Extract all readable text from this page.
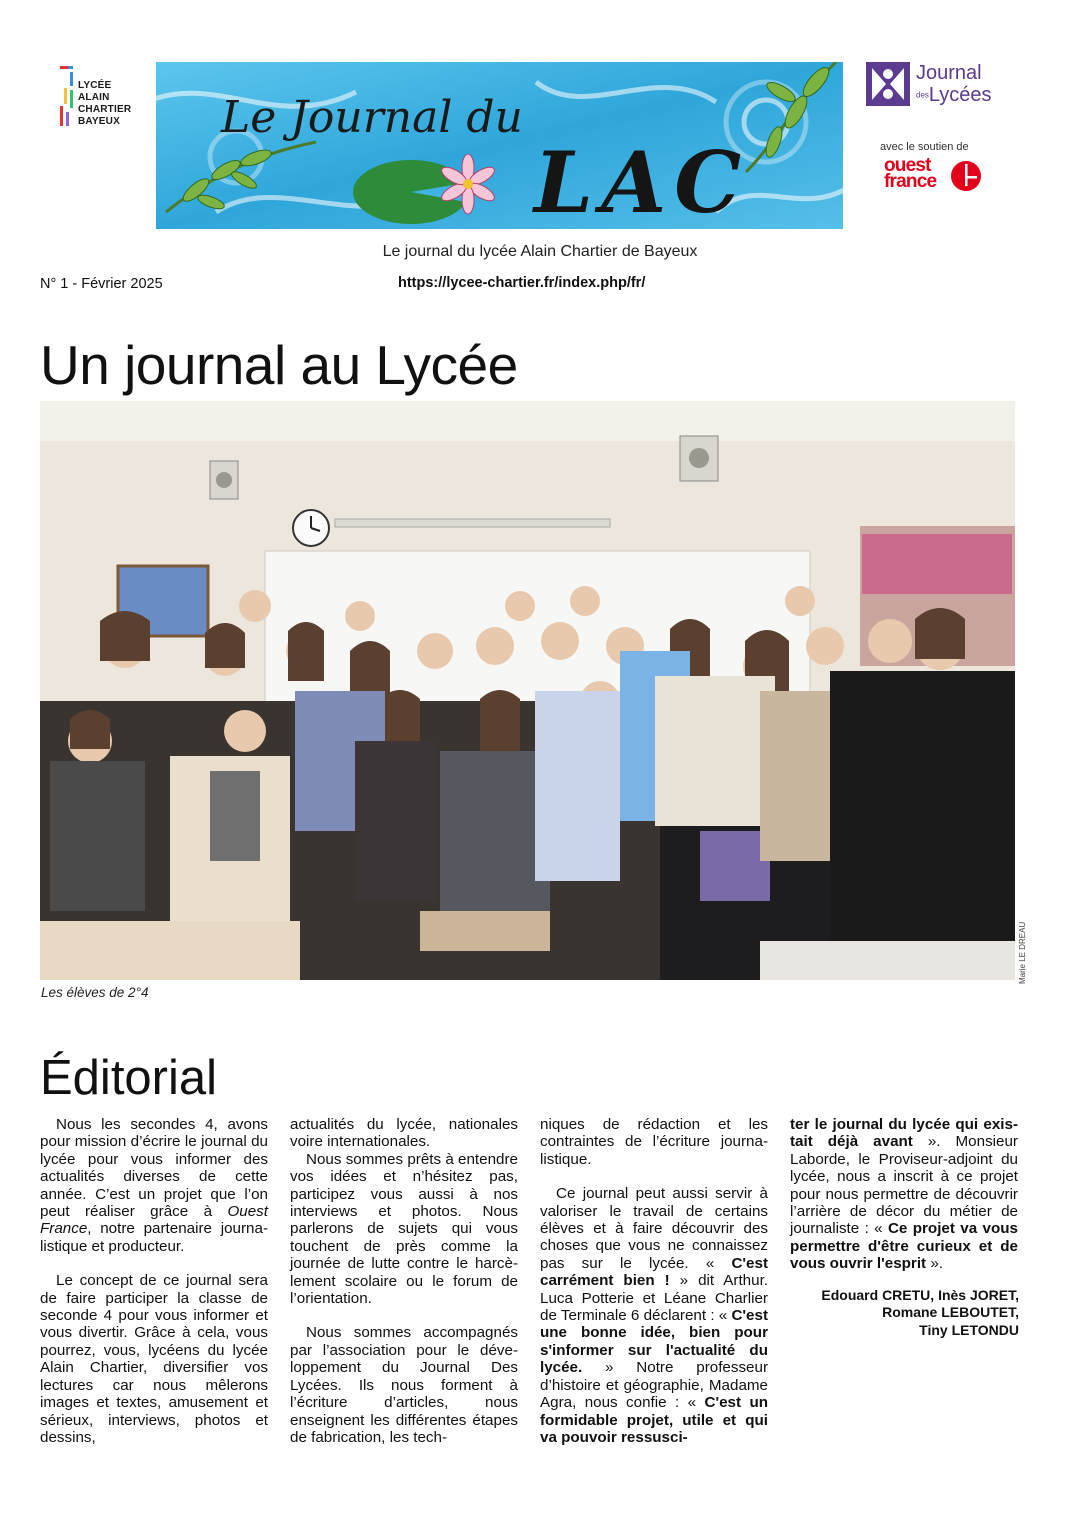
LYCÉE
ALAIN
CHARTIER
BAYEUX Le Journal du
LAC
Journal
desLycées
avec le soutien de
ouest
france
Le journal du lycée Alain Chartier de Bayeux
N° 1 - Février 2025	https://lycee-chartier.fr/index.php/fr/
Un journal au Lycée
Marie LE DREAU
Les élèves de 2°4
Éditorial

Nous les secondes 4, avons pour mission d’écrire le journal du lycée pour vous informer des actualités diverses de cette année. C’est un projet que l’on peut réaliser grâce à Ouest France, notre partenaire journalistique et producteur.

Le concept de ce journal sera de faire participer la classe de seconde 4 pour vous informer et vous divertir. Grâce à cela, vous pourrez, vous, lycéens du lycée Alain Chartier, diversifier vos lectures car nous mêlerons images et textes, amusement et sérieux, interviews, photos et dessins,

actualités du lycée, nationales voire internationales.

Nous sommes prêts à entendre vos idées et n’hésitez pas, participez vous aussi à nos interviews et photos. Nous parlerons de sujets qui vous touchent de près comme la journée de lutte contre le harcèlement scolaire ou le forum de l’orientation.

Nous sommes accompagnés par l’association pour le développement du Journal Des Lycées. Ils nous forment à l’écriture d’articles, nous enseignent les différentes étapes de fabrication, les tech-

niques de rédaction et les contraintes de l’écriture journalistique.

Ce journal peut aussi servir à valoriser le travail de certains élèves et à faire découvrir des choses que vous ne connaissez pas sur le lycée. « C'est carrément bien ! » dit Arthur. Luca Potterie et Léane Charlier de Terminale 6 déclarent : « C'est une bonne idée, bien pour s'informer sur l'actualité du lycée. » Notre professeur d’histoire et géographie, Madame Agra, nous confie : « C'est un formidable projet, utile et qui va pouvoir ressusci-

ter le journal du lycée qui existait déjà avant ». Monsieur Laborde, le Proviseur-adjoint du lycée, nous a inscrit à ce projet pour nous permettre de découvrir l’arrière de décor du métier de journaliste : « Ce projet va vous permettre d'être curieux et de vous ouvrir l'esprit ».

Edouard CRETU, Inès JORET,
Romane LEBOUTET,
Tiny LETONDU
